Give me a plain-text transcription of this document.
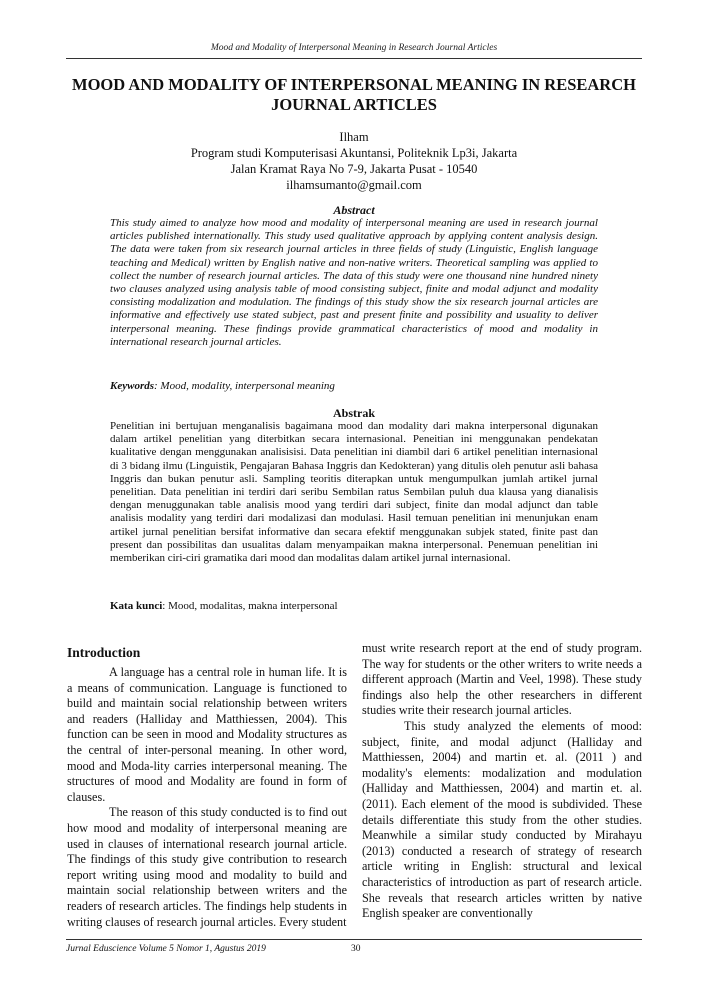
Mood and Modality of Interpersonal Meaning in Research Journal Articles
MOOD AND MODALITY OF INTERPERSONAL MEANING IN RESEARCH JOURNAL ARTICLES
Ilham
Program studi Komputerisasi Akuntansi, Politeknik Lp3i, Jakarta
Jalan Kramat Raya No 7-9, Jakarta Pusat - 10540
ilhamsumanto@gmail.com
Abstract

This study aimed to analyze how mood and modality of interpersonal meaning are used in research journal articles published internationally. This study used qualitative approach by applying content analysis design. The data were taken from six research journal articles in three fields of study (Linguistic, English language teaching and Medical) written by English native and non-native writers. Theoretical sampling was applied to collect the number of research journal articles. The data of this study were one thousand nine hundred ninety two clauses analyzed using analysis table of mood consisting subject, finite and modal adjunct and modality consisting modalization and modulation. The findings of this study show the six research journal articles are informative and effectively use stated subject, past and present finite and possibility and usuality to deliver interpersonal meaning. These findings provide grammatical characteristics of mood and modality in international research journal articles.

Keywords: Mood, modality, interpersonal meaning
Abstrak

Penelitian ini bertujuan menganalisis bagaimana mood dan modality dari makna interpersonal digunakan dalam artikel penelitian yang diterbitkan secara internasional. Peneitian ini menggunakan pendekatan kualitative dengan menggunakan analisisisi. Data penelitian ini diambil dari 6 artikel penelitian internasional di 3 bidang ilmu (Linguistik, Pengajaran Bahasa Inggris dan Kedokteran) yang ditulis oleh penutur asli bahasa Inggris dan bukan penutur asli. Sampling teoritis diterapkan untuk mengumpulkan jumlah artikel jurnal penelitian. Data penelitian ini terdiri dari seribu Sembilan ratus Sembilan puluh dua klausa yang dianalisis dengan menuggunakan table analisis mood yang terdiri dari subject, finite dan modal adjunct dan table analisis modality yang terdiri dari modalizasi dan modulasi. Hasil temuan penelitian ini menunjukan enam artikel jurnal penelitian bersifat informative dan secara efektif menggunakan subjek stated, finite past dan present dan possibilitas dan usualitas dalam menyampaikan makna interpersonal. Penemuan penelitian ini memberikan ciri-ciri gramatika dari mood dan modalitas dalam artikel jurnal internasional.

Kata kunci: Mood, modalitas, makna interpersonal
Introduction

A language has a central role in human life. It is a means of communication. Language is functioned to build and maintain social relationship between writers and readers (Halliday and Matthiessen, 2004). This function can be seen in mood and Modality structures as the central of inter-personal meaning. In other word, mood and Moda-lity carries interpersonal meaning. The structures of mood and Modality are found in form of clauses.

The reason of this study conducted is to find out how mood and modality of interpersonal meaning are used in clauses of international research journal article. The findings of this study give contribution to research report writing using mood and modality to build and maintain social relationship between writers and the readers of research articles. The findings help students in writing clauses of research journal articles. Every student

must write research report at the end of study program. The way for students or the other writers to write needs a different approach (Martin and Veel, 1998). These study findings also help the other researchers in different studies write their research journal articles.

This study analyzed the elements of mood: subject, finite, and modal adjunct (Halliday and Matthiessen, 2004) and martin et. al. (2011 ) and modality's elements: modalization and modulation (Halliday and Matthiessen, 2004) and martin et. al. (2011). Each element of the mood is subdivided. These details differentiate this study from the other studies. Meanwhile a similar study conducted by Mirahayu (2013) conducted a research of strategy of research article writing in English: structural and lexical characteristics of introduction as part of research article. She reveals that research articles written by native English speaker are conventionally

Jurnal Eduscience Volume 5 Nomor 1, Agustus 2019	30
